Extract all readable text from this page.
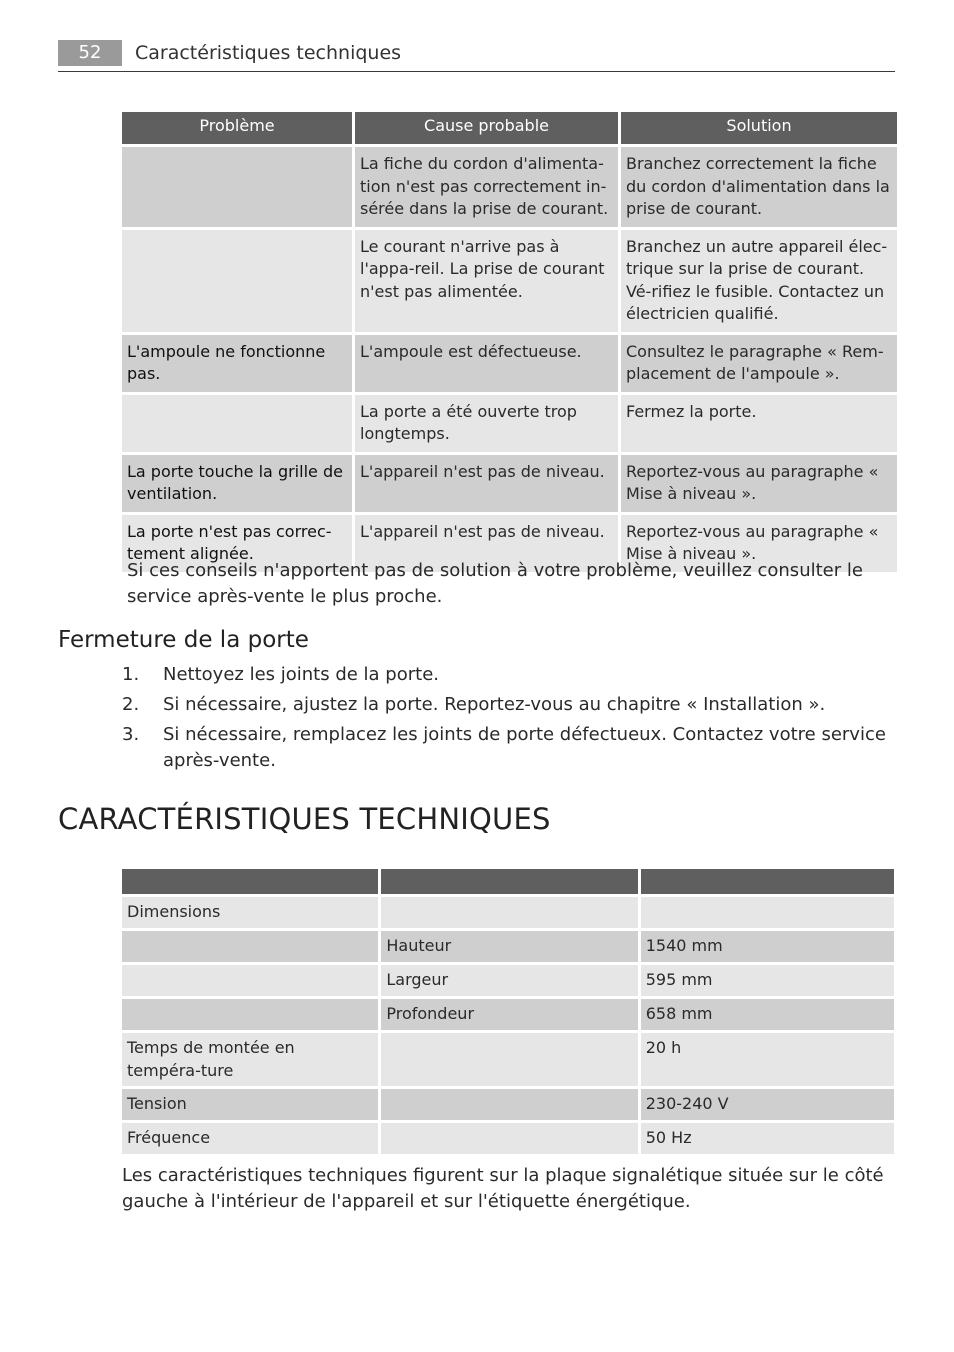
52	Caractéristiques techniques
Problème	Cause probable	Solution
	La fiche du cordon d'alimenta-tion n'est pas correctement in-sérée dans la prise de courant.	Branchez correctement la fiche du cordon d'alimentation dans la prise de courant.
	Le courant n'arrive pas à l'appa-reil. La prise de courant n'est pas alimentée.	Branchez un autre appareil élec-trique sur la prise de courant. Vé-rifiez le fusible. Contactez un électricien qualifié.
L'ampoule ne fonctionne pas.	L'ampoule est défectueuse.	Consultez le paragraphe « Rem-placement de l'ampoule ».
	La porte a été ouverte trop longtemps.	Fermez la porte.
La porte touche la grille de ventilation.	L'appareil n'est pas de niveau.	Reportez-vous au paragraphe « Mise à niveau ».
La porte n'est pas correc-tement alignée.	L'appareil n'est pas de niveau.	Reportez-vous au paragraphe « Mise à niveau ».
Si ces conseils n'apportent pas de solution à votre problème, veuillez consulter le service après-vente le plus proche.
Fermeture de la porte
1. Nettoyez les joints de la porte.
2. Si nécessaire, ajustez la porte. Reportez-vous au chapitre « Installation ».
3. Si nécessaire, remplacez les joints de porte défectueux. Contactez votre service après-vente.
CARACTÉRISTIQUES TECHNIQUES

Dimensions		
	Hauteur	1540 mm
	Largeur	595 mm
	Profondeur	658 mm
Temps de montée en tempéra-ture		20 h
Tension		230-240 V
Fréquence		50 Hz
Les caractéristiques techniques figurent sur la plaque signalétique située sur le côté gauche à l'intérieur de l'appareil et sur l'étiquette énergétique.
